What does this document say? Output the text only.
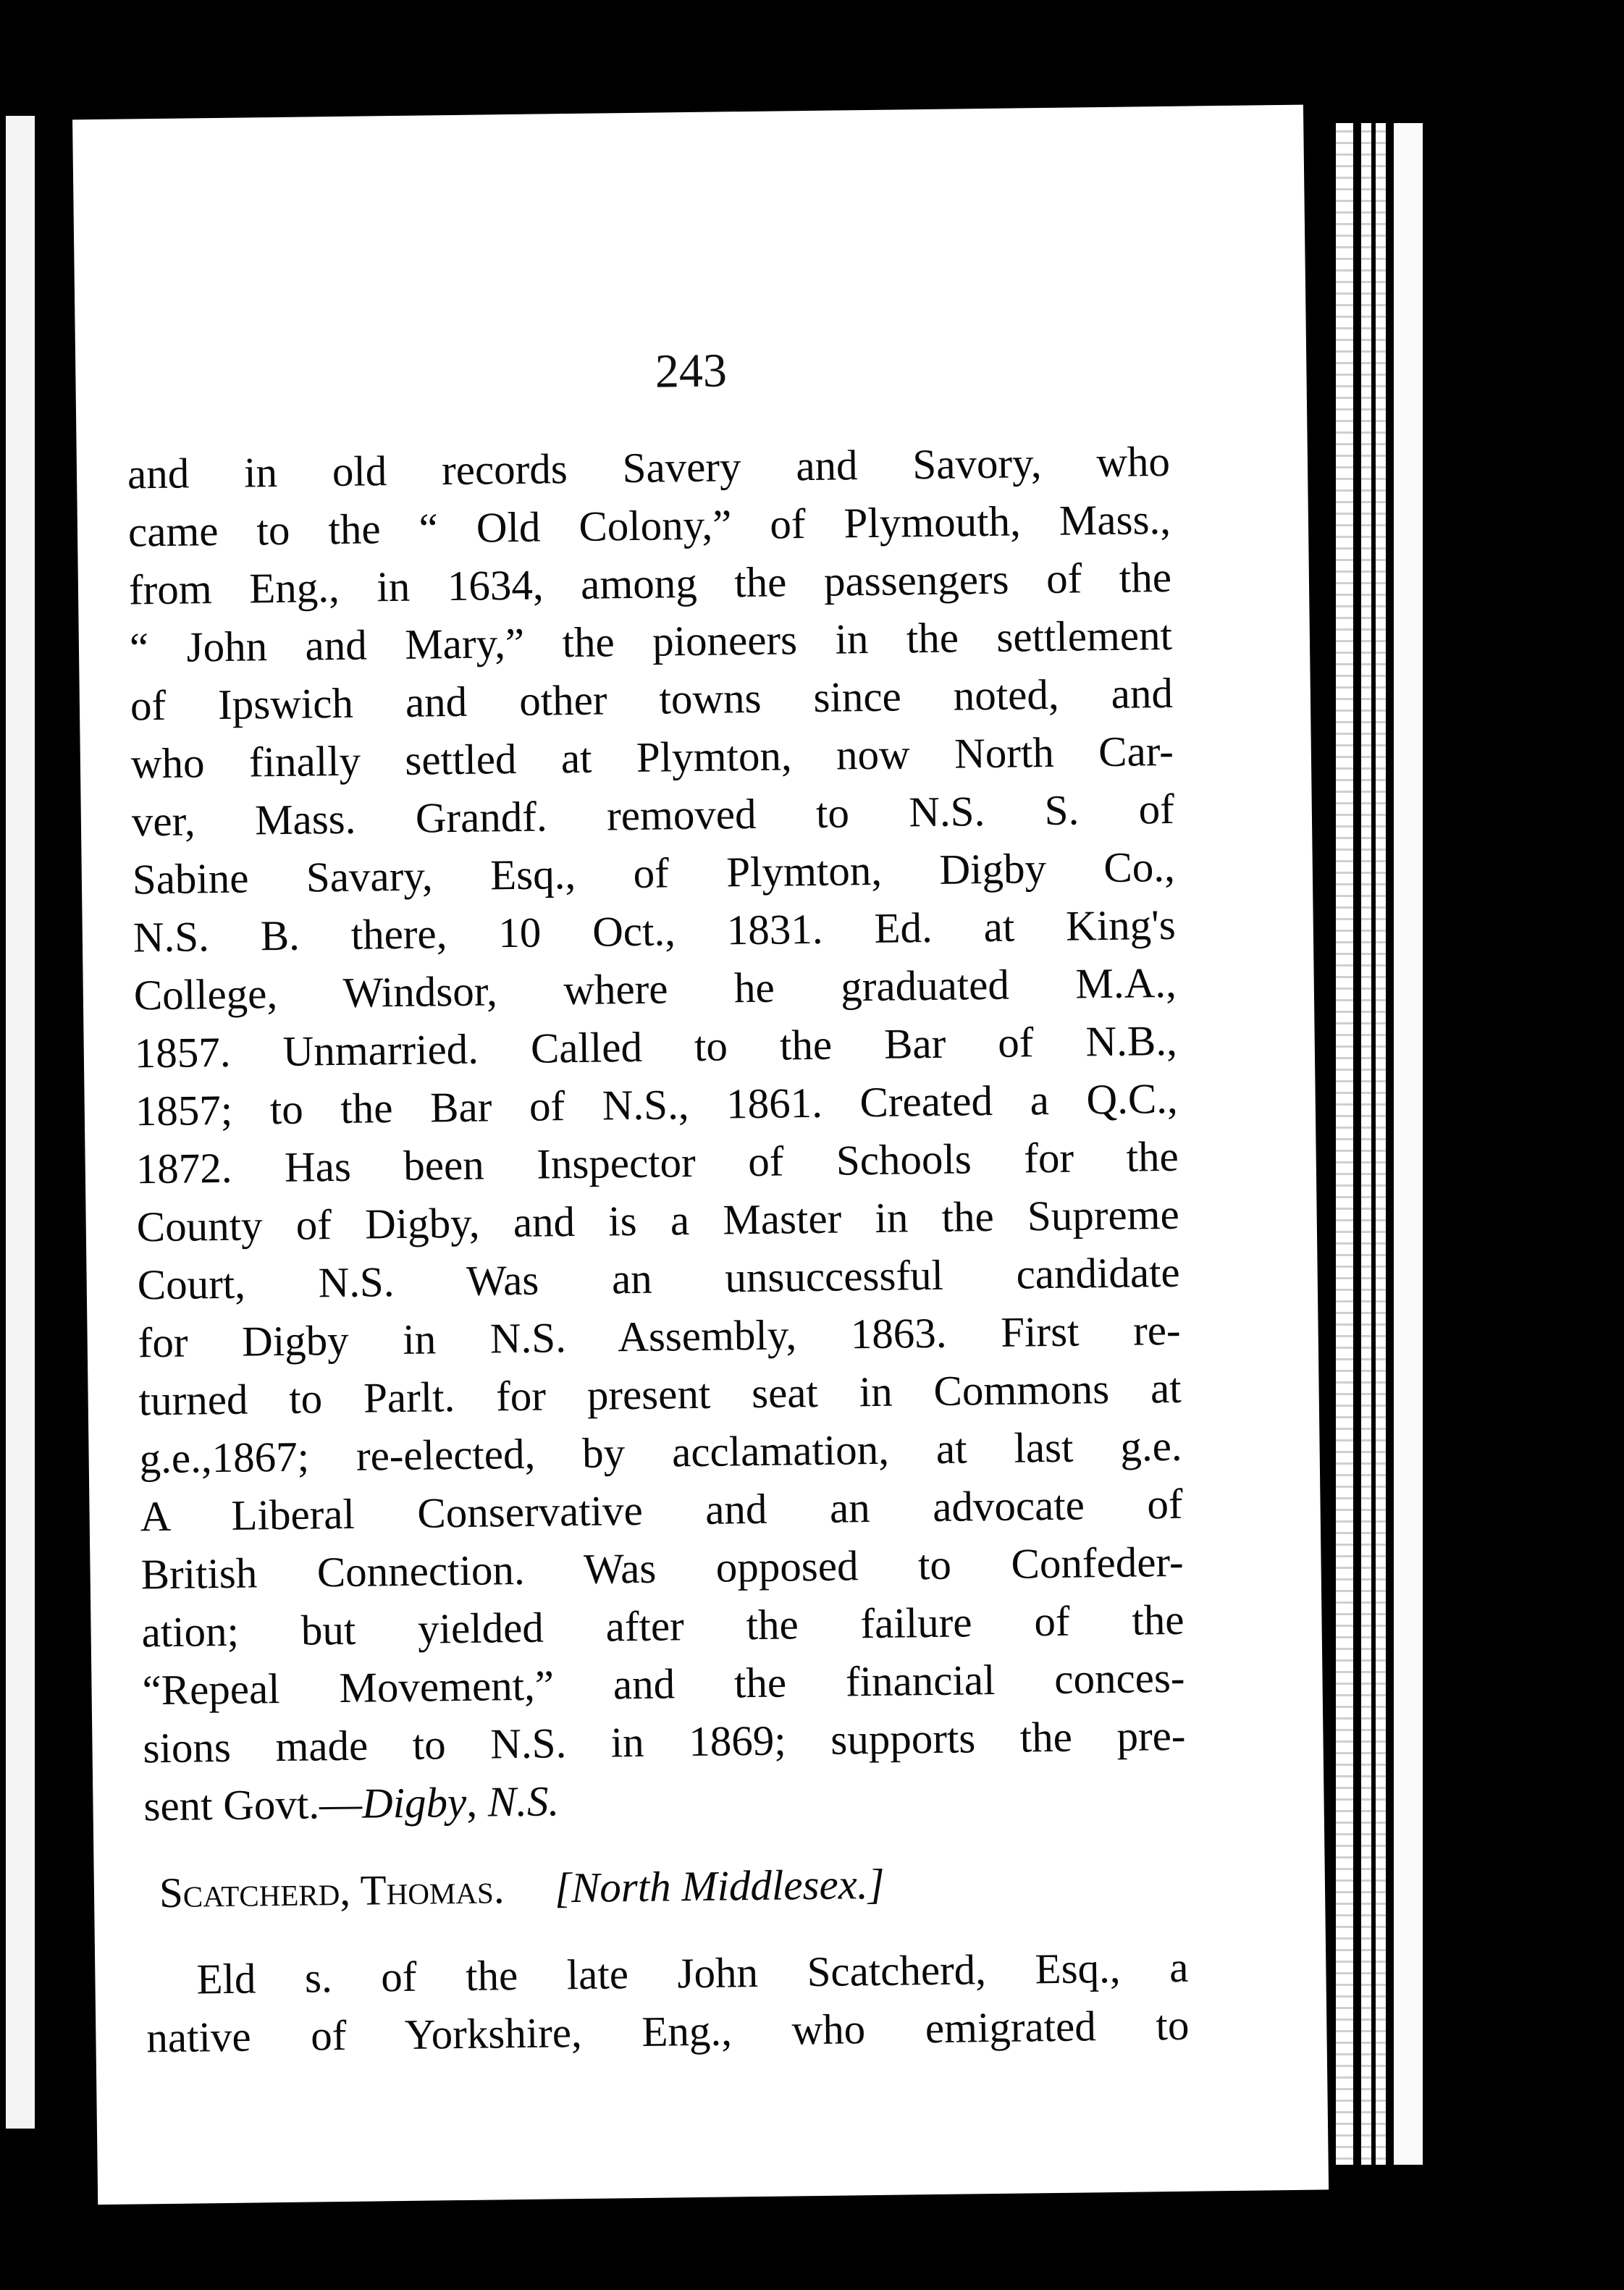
243
and in old records Savery and Savory, who
came to the “ Old Colony,” of Plymouth, Mass.,
from Eng., in 1634, among the passengers of the
“ John and Mary,” the pioneers in the settlement
of Ipswich and other towns since noted, and
who finally settled at Plymton, now North Car-
ver, Mass. Grandf. removed to N.S. S. of
Sabine Savary, Esq., of Plymton, Digby Co.,
N.S. B. there, 10 Oct., 1831. Ed. at King's
College, Windsor, where he graduated M.A.,
1857. Unmarried. Called to the Bar of N.B.,
1857; to the Bar of N.S., 1861. Created a Q.C.,
1872. Has been Inspector of Schools for the
County of Digby, and is a Master in the Supreme
Court, N.S. Was an unsuccessful candidate
for Digby in N.S. Assembly, 1863. First re-
turned to Parlt. for present seat in Commons at
g.e.,1867; re-elected, by acclamation, at last g.e.
A Liberal Conservative and an advocate of
British Connection. Was opposed to Confeder-
ation; but yielded after the failure of the
“Repeal Movement,” and the financial conces-
sions made to N.S. in 1869; supports the pre-
sent Govt.—Digby, N.S.
Scatcherd, Thomas. [North Middlesex.]
Eld s. of the late John Scatcherd, Esq., a
native of Yorkshire, Eng., who emigrated to
